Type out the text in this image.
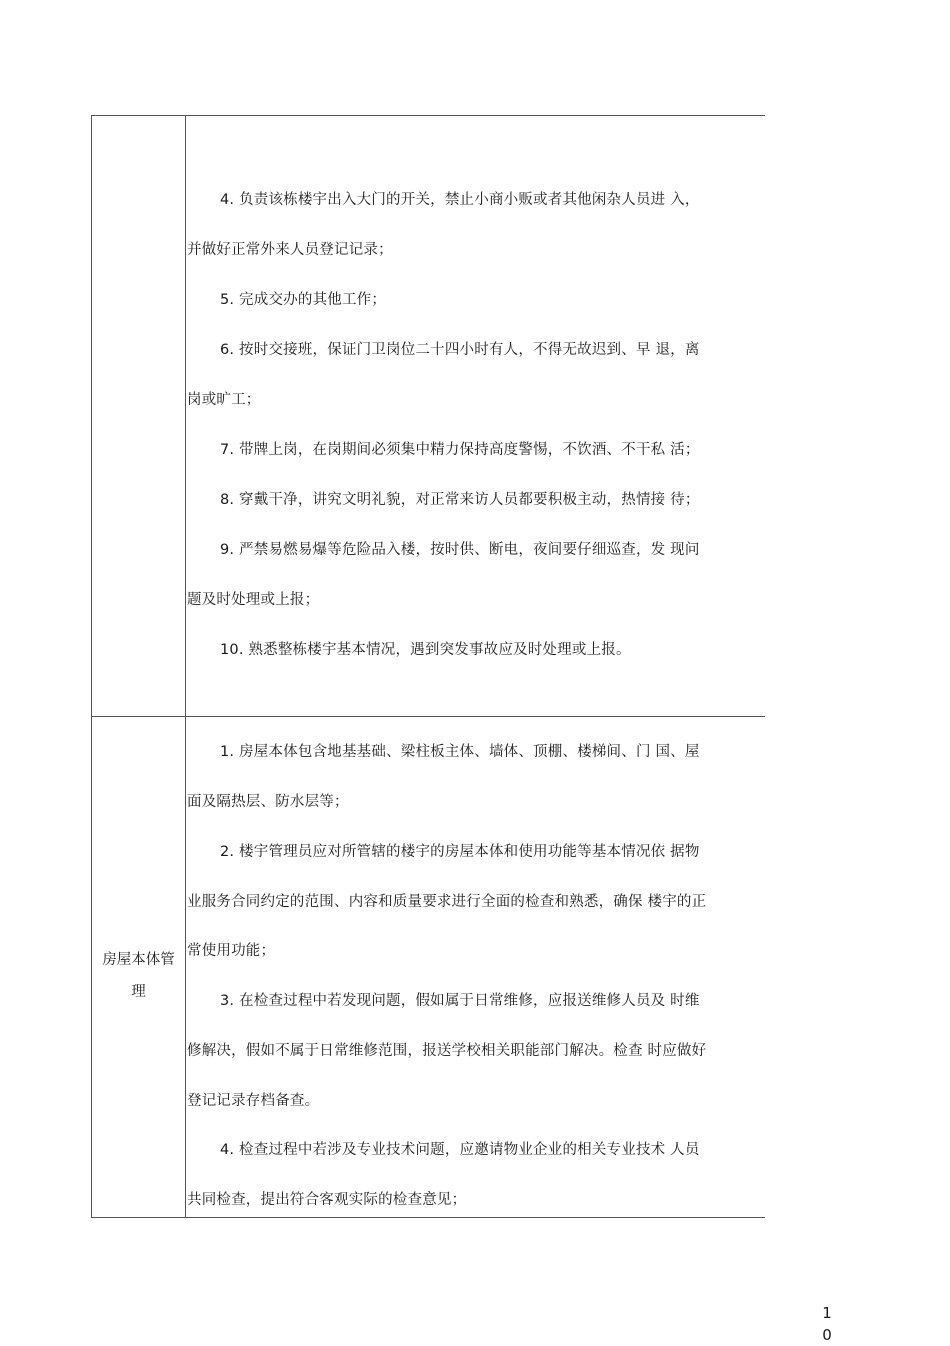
4. 负责该栋楼宇出入大门的开关，禁止小商小贩或者其他闲杂人员进 入，
并做好正常外来人员登记记录；
5. 完成交办的其他工作；
6. 按时交接班，保证门卫岗位二十四小时有人，不得无故迟到、早 退，离
岗或旷工；
7. 带牌上岗，在岗期间必须集中精力保持高度警惕，不饮酒、不干私 活；
8. 穿戴干净，讲究文明礼貌，对正常来访人员都要积极主动，热情接 待；
9. 严禁易燃易爆等危险品入楼，按时供、断电，夜间要仔细巡查，发 现问
题及时处理或上报；
10. 熟悉整栋楼宇基本情况，遇到突发事故应及时处理或上报。
房屋本体管
理
1. 房屋本体包含地基基础、梁柱板主体、墙体、顶棚、楼梯间、门 国、屋
面及隔热层、防水层等；
2. 楼宇管理员应对所管辖的楼宇的房屋本体和使用功能等基本情况依 据物
业服务合同约定的范围、内容和质量要求进行全面的检查和熟悉，确保 楼宇的正
常使用功能；
3. 在检查过程中若发现问题，假如属于日常维修，应报送维修人员及 时维
修解决，假如不属于日常维修范围，报送学校相关职能部门解决。检查 时应做好
登记记录存档备查。
4. 检查过程中若涉及专业技术问题，应邀请物业企业的相关专业技术 人员
共同检查，提出符合客观实际的检查意见；
1
0
